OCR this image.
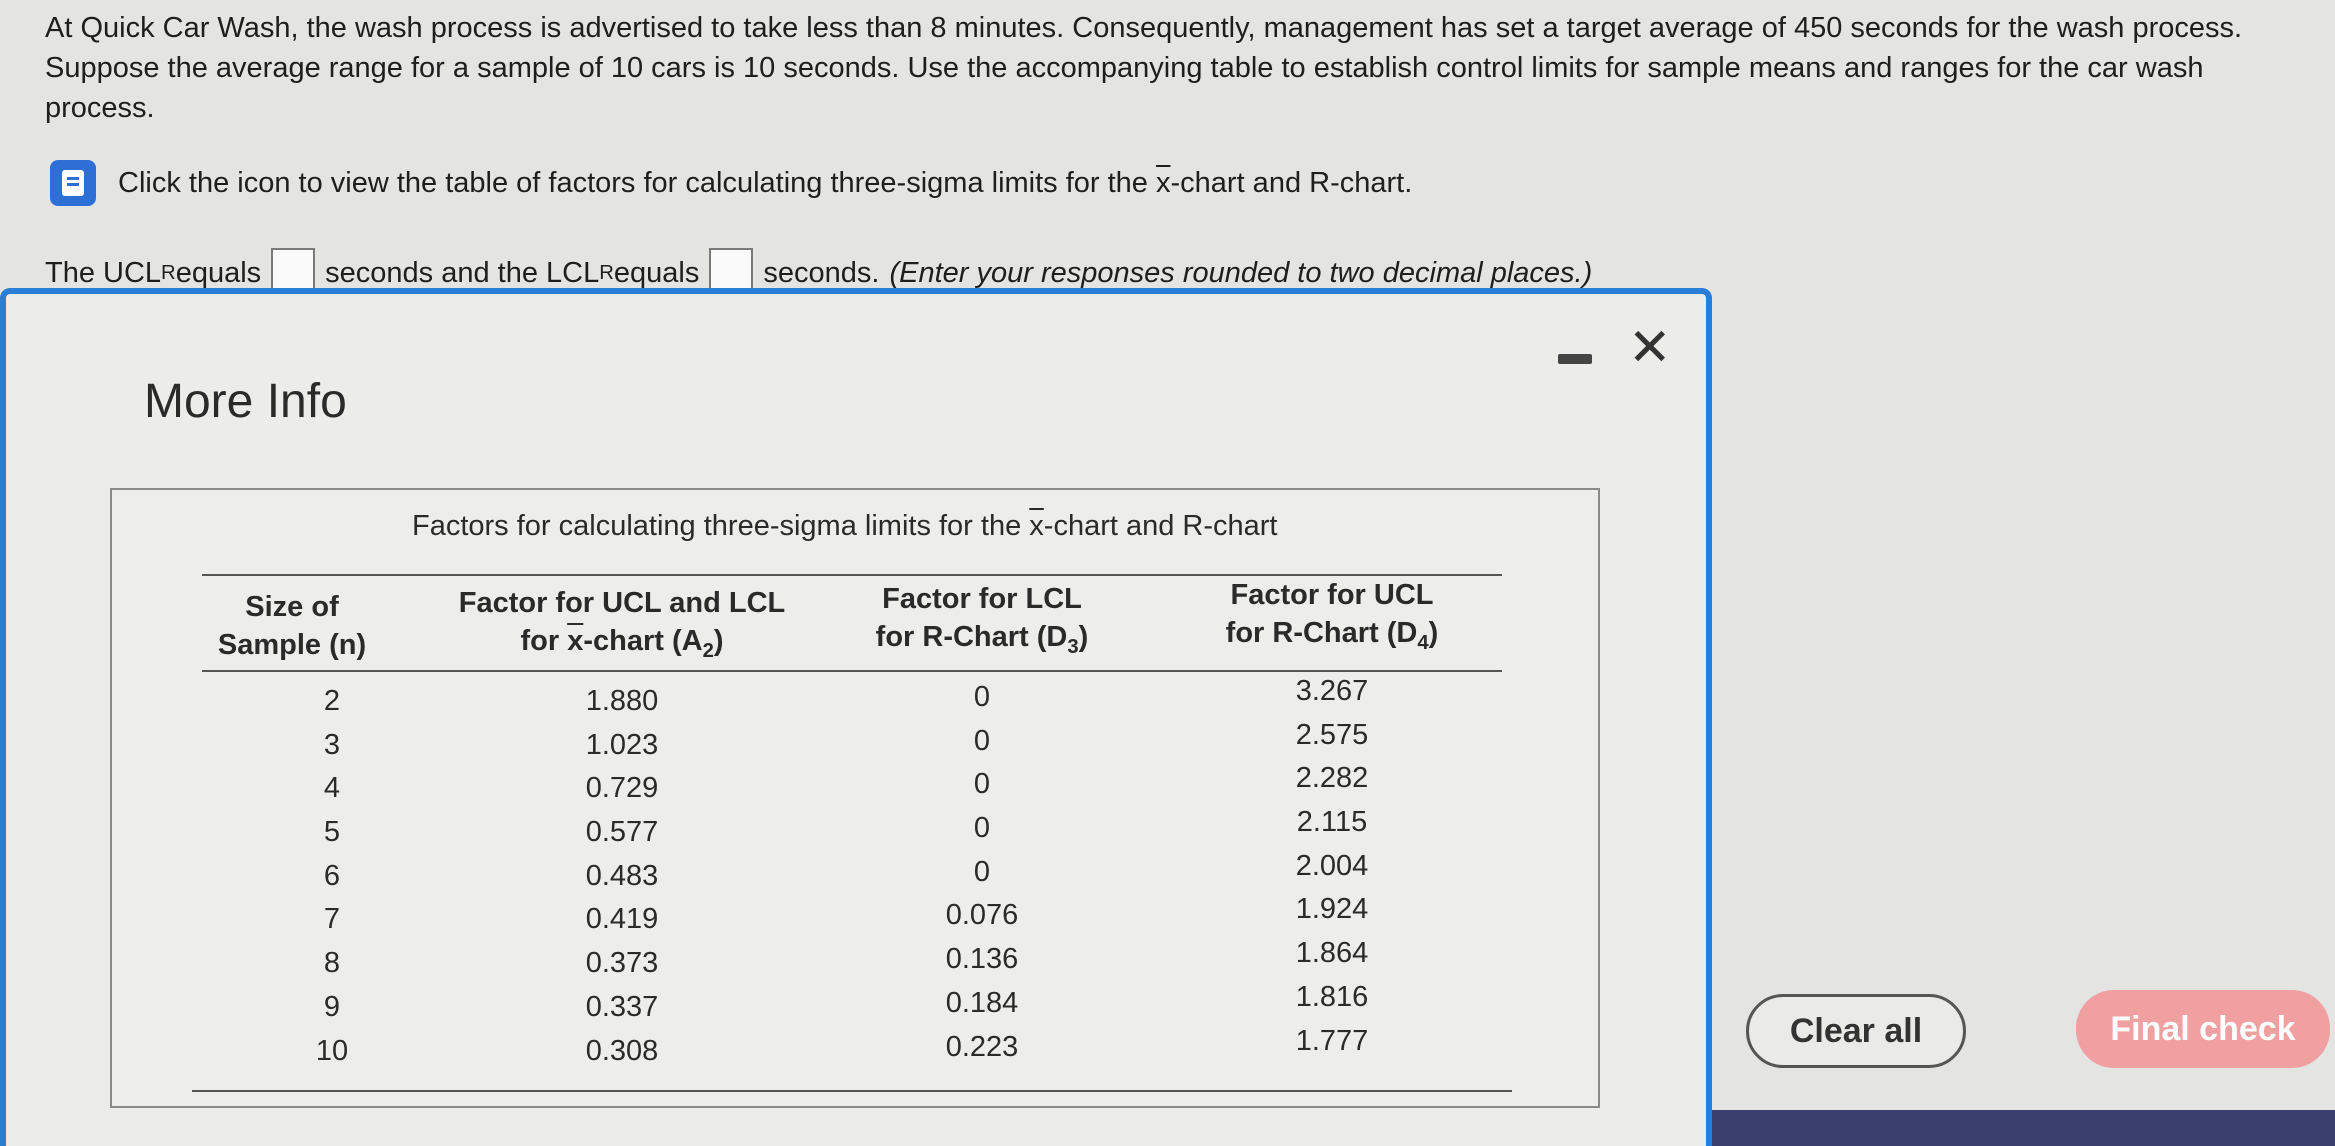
At Quick Car Wash, the wash process is advertised to take less than 8 minutes. Consequently, management has set a target average of 450 seconds for the wash process. Suppose the average range for a sample of 10 cars is 10 seconds. Use the accompanying table to establish control limits for sample means and ranges for the car wash process.
Click the icon to view the table of factors for calculating three-sigma limits for the $\overline{x}$-chart and R-chart.
The UCL R equals seconds and the LCL R equals seconds. (Enter your responses rounded to two decimal places.)
More Info
✕
Factors for calculating three-sigma limits for the $\overline{x}$-chart and R-chart
Size of
Sample (n)
Factor for UCL and LCL
for $\overline{x}$-chart $(A_2)$
Factor for LCL
for R-Chart $(D_3)$
Factor for UCL
for R-Chart $(D_4)$
2
3
4
5
6
7
8
9
10
1.880
1.023
0.729
0.577
0.483
0.419
0.373
0.337
0.308
0
0
0
0
0
0.076
0.136
0.184
0.223
3.267
2.575
2.282
2.115
2.004
1.924
1.864
1.816
1.777	Clear all	Final check
